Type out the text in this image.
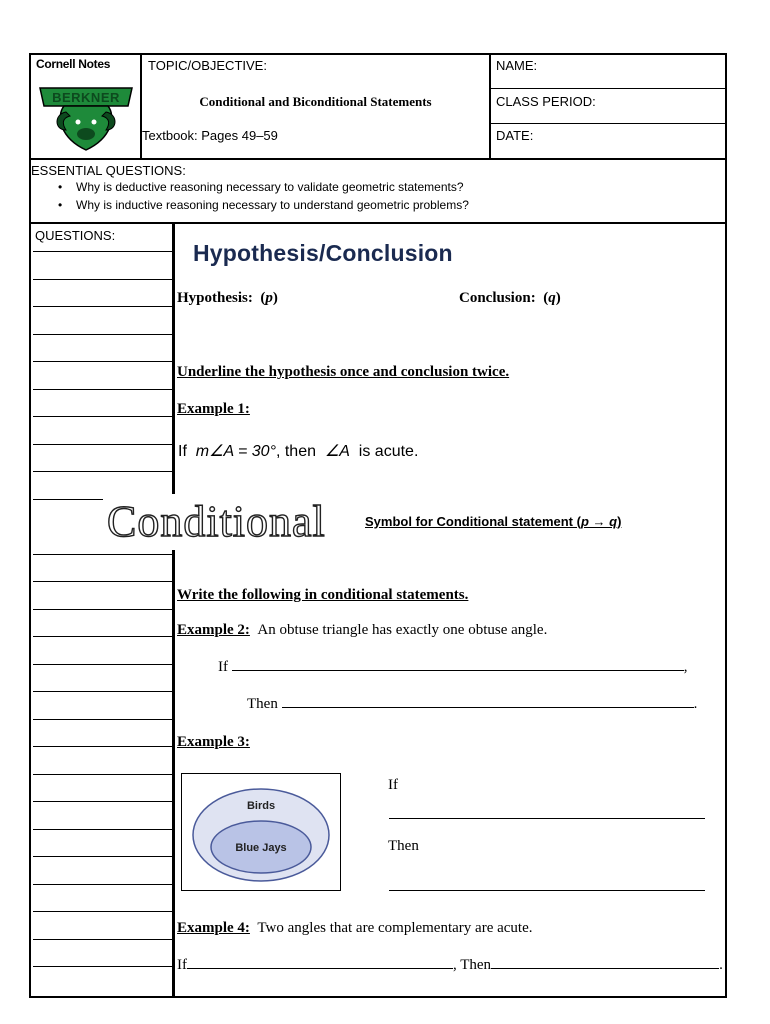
Cornell Notes
BERKNER
TOPIC/OBJECTIVE:
Conditional and Biconditional Statements
Textbook: Pages 49–59
NAME:
CLASS PERIOD:
DATE:
ESSENTIAL QUESTIONS:
• Why is deductive reasoning necessary to validate geometric statements?
• Why is inductive reasoning necessary to understand geometric problems?
QUESTIONS:
Hypothesis/Conclusion
Hypothesis:  (p)	Conclusion:  (q)
Underline the hypothesis once and conclusion twice.
Example 1:
If m∠A = 30°, then ∠A is acute.
Conditional	Symbol for Conditional statement (p → q)
Write the following in conditional statements.
Example 2: An obtuse triangle has exactly one obtuse angle.
If	,
Then	.
Example 3:
Birds
Blue Jays
If
Then
Example 4: Two angles that are complementary are acute.
If	, Then	.
